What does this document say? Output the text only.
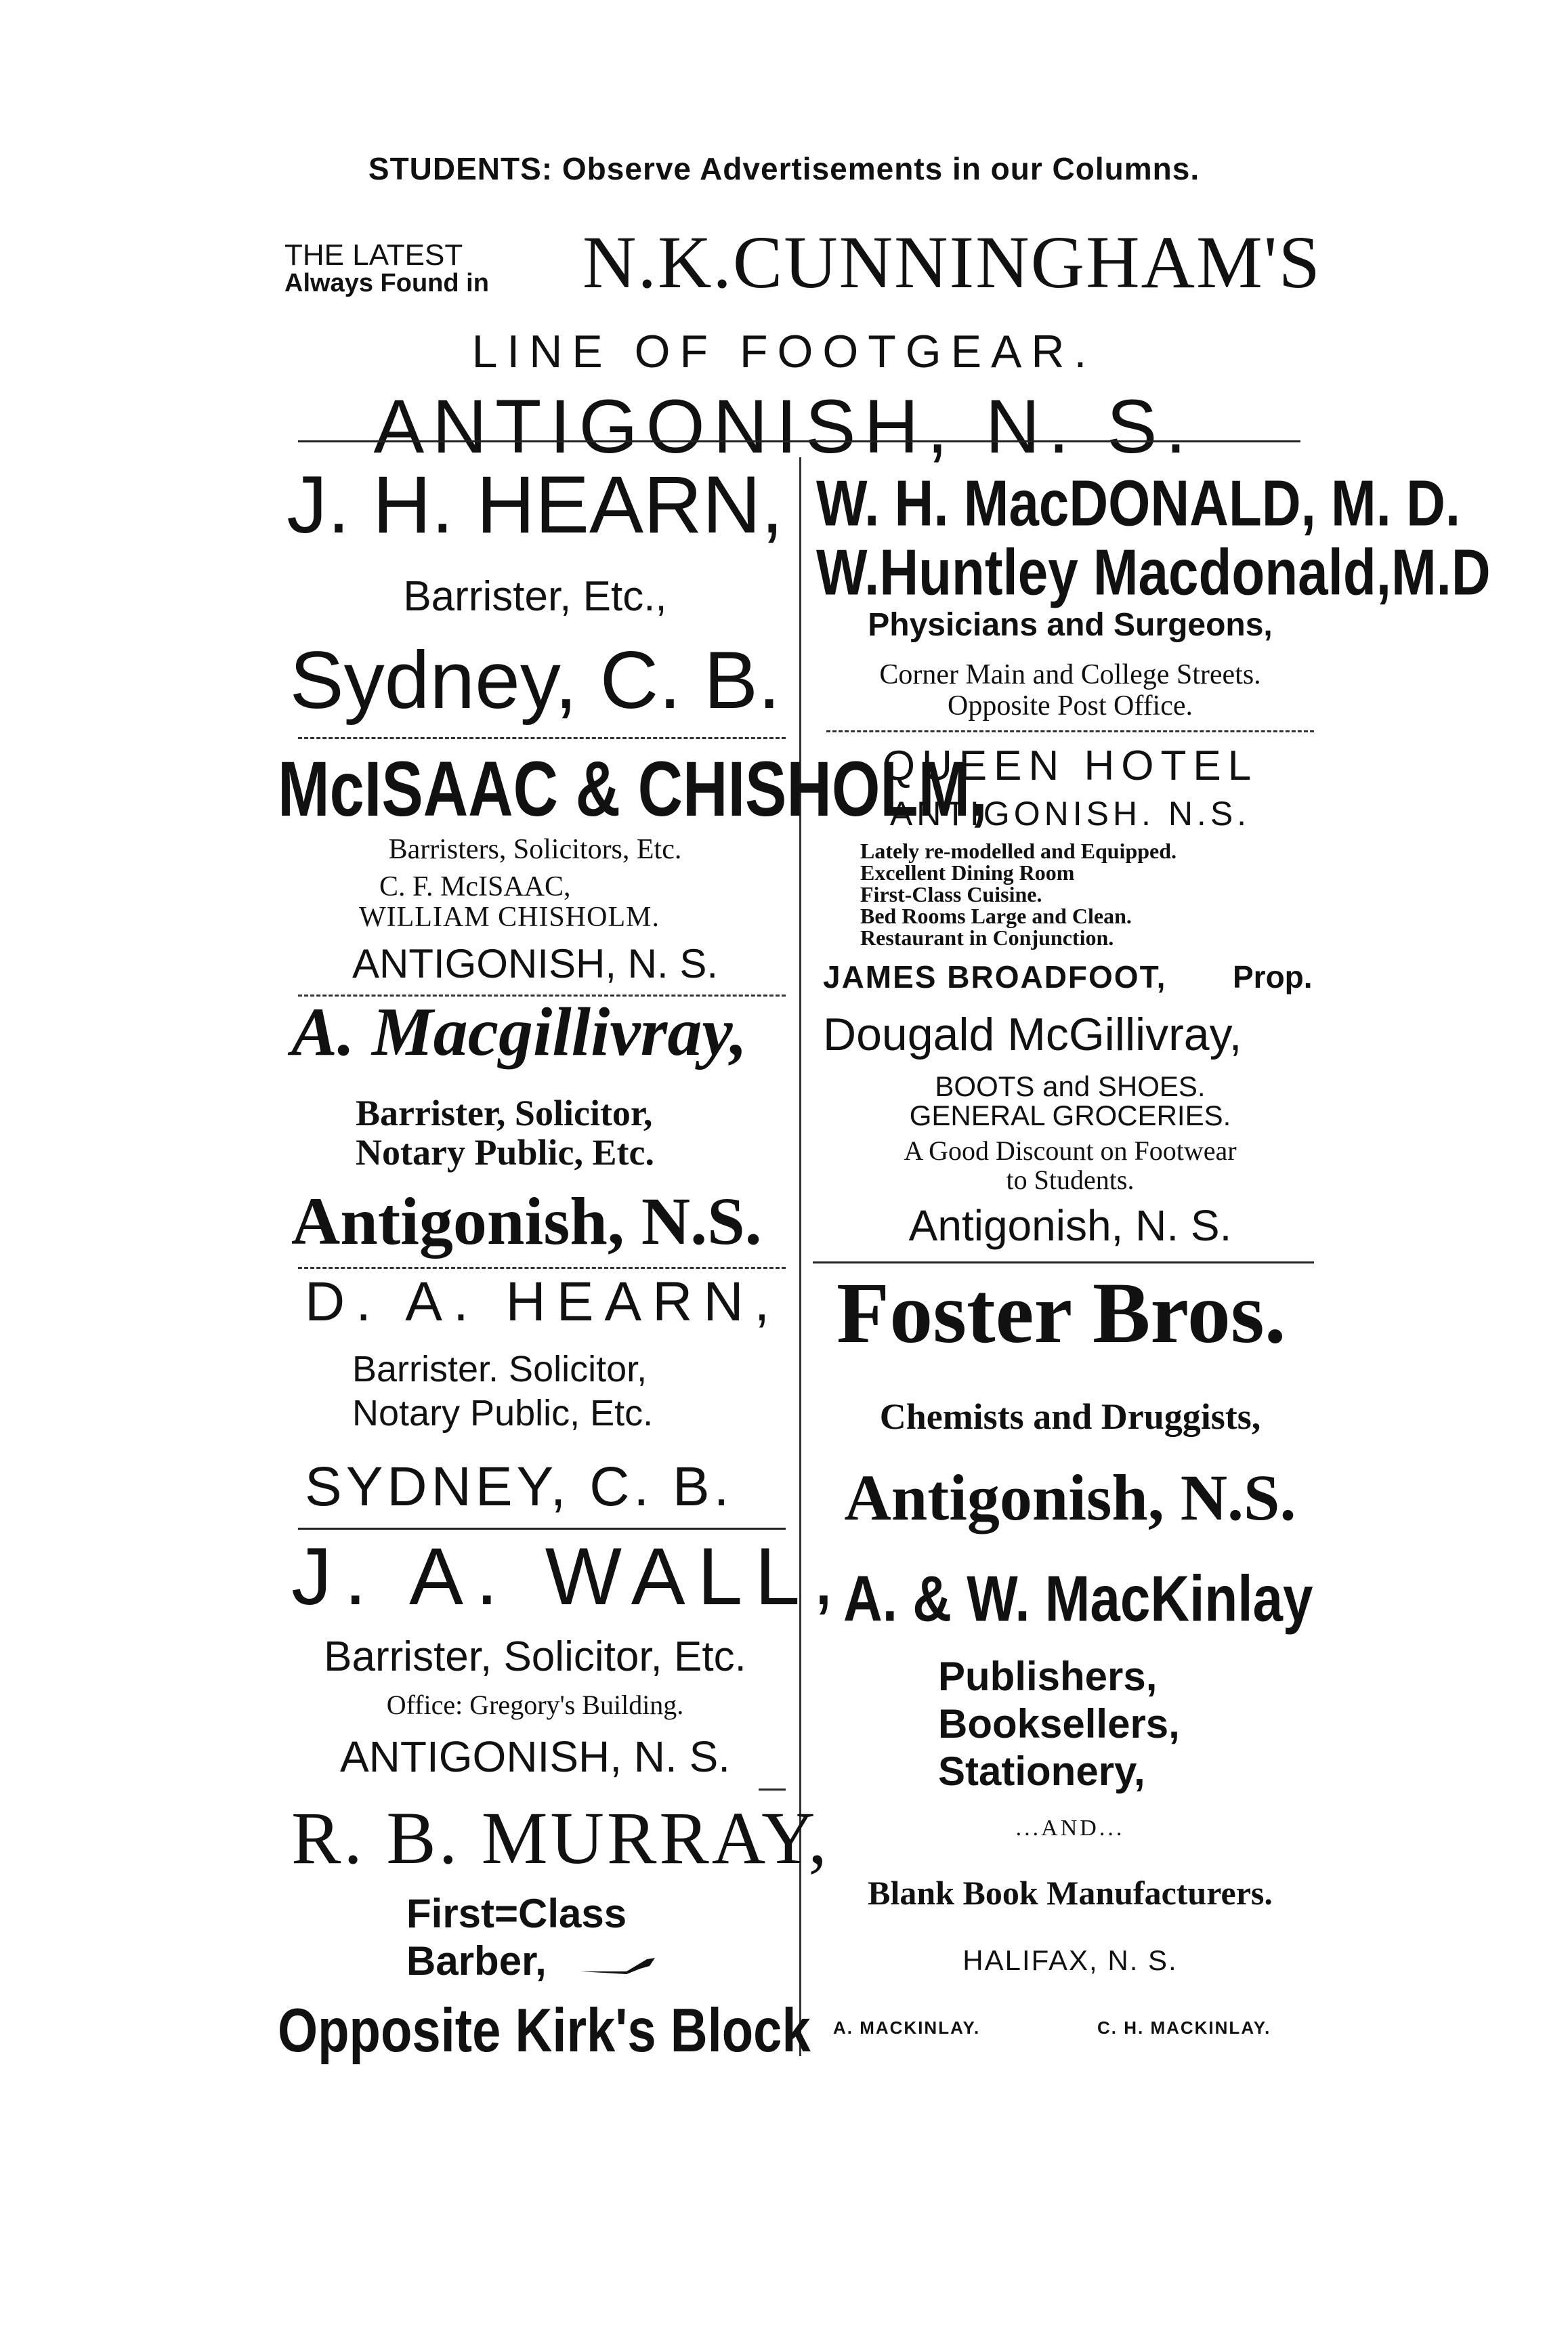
STUDENTS: Observe Advertisements in our Columns.
THE LATEST
Always Found in N.K.CUNNINGHAM'S
LINE OF FOOTGEAR.
ANTIGONISH, N. S.
J. H. HEARN,
Barrister, Etc.,
Sydney, C. B.
McISAAC & CHISHOLM,
Barristers, Solicitors, Etc.
C. F. McISAAC,
WILLIAM CHISHOLM.
ANTIGONISH, N. S.
A. Macgillivray,
Barrister, Solicitor,
Notary Public, Etc.
Antigonish, N.S.
D. A. HEARN,
Barrister. Solicitor,
Notary Public, Etc.
SYDNEY, C. B.
J. A. WALL,
Barrister, Solicitor, Etc.
Office: Gregory's Building.
ANTIGONISH, N. S.
R. B. MURRAY,
First=Class
Barber,
Opposite Kirk's Block
W. H. MacDONALD, M. D.
W.Huntley Macdonald,M.D
Physicians and Surgeons,
Corner Main and College Streets.
Opposite Post Office.
QUEEN HOTEL
ANTIGONISH. N.S.
Lately re-modelled and Equipped.
Excellent Dining Room
First-Class Cuisine.
Bed Rooms Large and Clean.
Restaurant in Conjunction.
JAMES BROADFOOT, Prop.
Dougald McGillivray,
BOOTS and SHOES.
GENERAL GROCERIES.
A Good Discount on Footwear
to Students.
Antigonish, N. S.
Foster Bros.
Chemists and Druggists,
Antigonish, N.S.
A. & W. MacKinlay
Publishers,
Booksellers,
Stationery,
...AND...
Blank Book Manufacturers.
HALIFAX, N. S.
A. MACKINLAY.	C. H. MACKINLAY.
